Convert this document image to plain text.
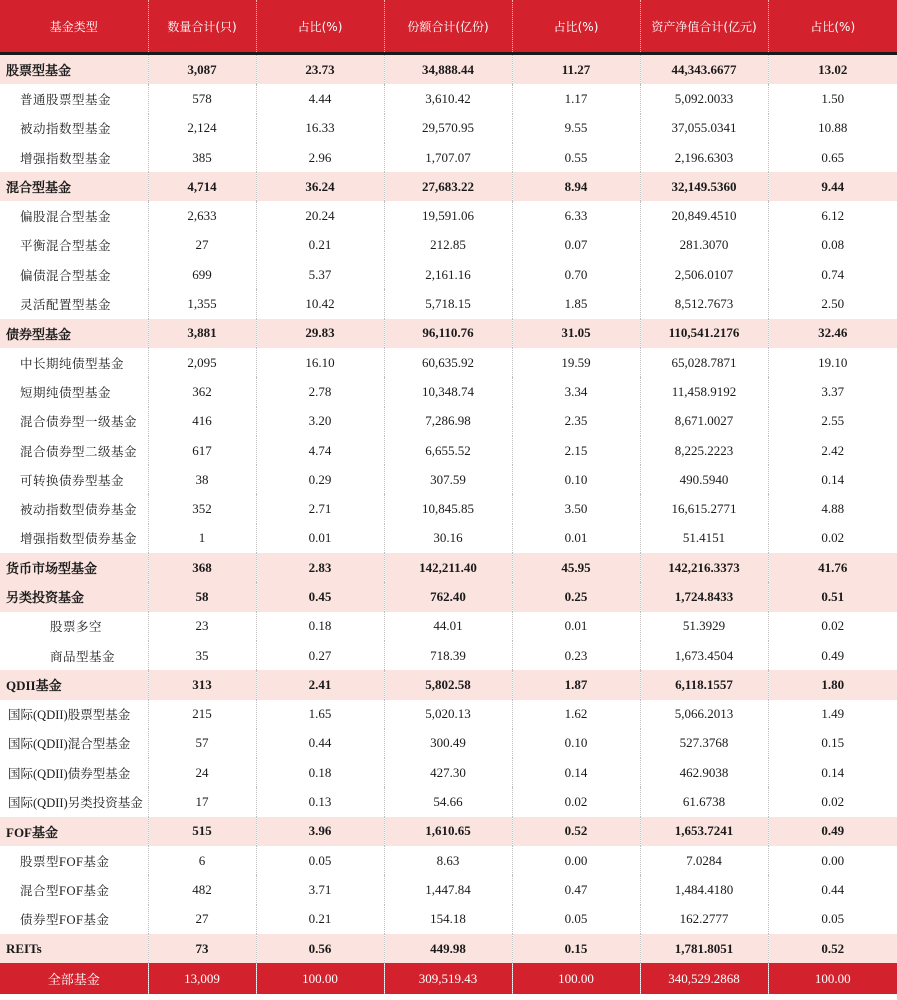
基金类型	数量合计(只)	占比(%)	份额合计(亿份)	占比(%)	资产净值合计(亿元)	占比(%)
股票型基金	3,087	23.73	34,888.44	11.27	44,343.6677	13.02
普通股票型基金	578	4.44	3,610.42	1.17	5,092.0033	1.50
被动指数型基金	2,124	16.33	29,570.95	9.55	37,055.0341	10.88
增强指数型基金	385	2.96	1,707.07	0.55	2,196.6303	0.65
混合型基金	4,714	36.24	27,683.22	8.94	32,149.5360	9.44
偏股混合型基金	2,633	20.24	19,591.06	6.33	20,849.4510	6.12
平衡混合型基金	27	0.21	212.85	0.07	281.3070	0.08
偏债混合型基金	699	5.37	2,161.16	0.70	2,506.0107	0.74
灵活配置型基金	1,355	10.42	5,718.15	1.85	8,512.7673	2.50
债券型基金	3,881	29.83	96,110.76	31.05	110,541.2176	32.46
中长期纯债型基金	2,095	16.10	60,635.92	19.59	65,028.7871	19.10
短期纯债型基金	362	2.78	10,348.74	3.34	11,458.9192	3.37
混合债券型一级基金	416	3.20	7,286.98	2.35	8,671.0027	2.55
混合债券型二级基金	617	4.74	6,655.52	2.15	8,225.2223	2.42
可转换债券型基金	38	0.29	307.59	0.10	490.5940	0.14
被动指数型债券基金	352	2.71	10,845.85	3.50	16,615.2771	4.88
增强指数型债券基金	1	0.01	30.16	0.01	51.4151	0.02
货币市场型基金	368	2.83	142,211.40	45.95	142,216.3373	41.76
另类投资基金	58	0.45	762.40	0.25	1,724.8433	0.51
股票多空	23	0.18	44.01	0.01	51.3929	0.02
商品型基金	35	0.27	718.39	0.23	1,673.4504	0.49
QDII基金	313	2.41	5,802.58	1.87	6,118.1557	1.80
国际(QDII)股票型基金	215	1.65	5,020.13	1.62	5,066.2013	1.49
国际(QDII)混合型基金	57	0.44	300.49	0.10	527.3768	0.15
国际(QDII)债券型基金	24	0.18	427.30	0.14	462.9038	0.14
国际(QDII)另类投资基金	17	0.13	54.66	0.02	61.6738	0.02
FOF基金	515	3.96	1,610.65	0.52	1,653.7241	0.49
股票型FOF基金	6	0.05	8.63	0.00	7.0284	0.00
混合型FOF基金	482	3.71	1,447.84	0.47	1,484.4180	0.44
债券型FOF基金	27	0.21	154.18	0.05	162.2777	0.05
REITs	73	0.56	449.98	0.15	1,781.8051	0.52
全部基金	13,009	100.00	309,519.43	100.00	340,529.2868	100.00
